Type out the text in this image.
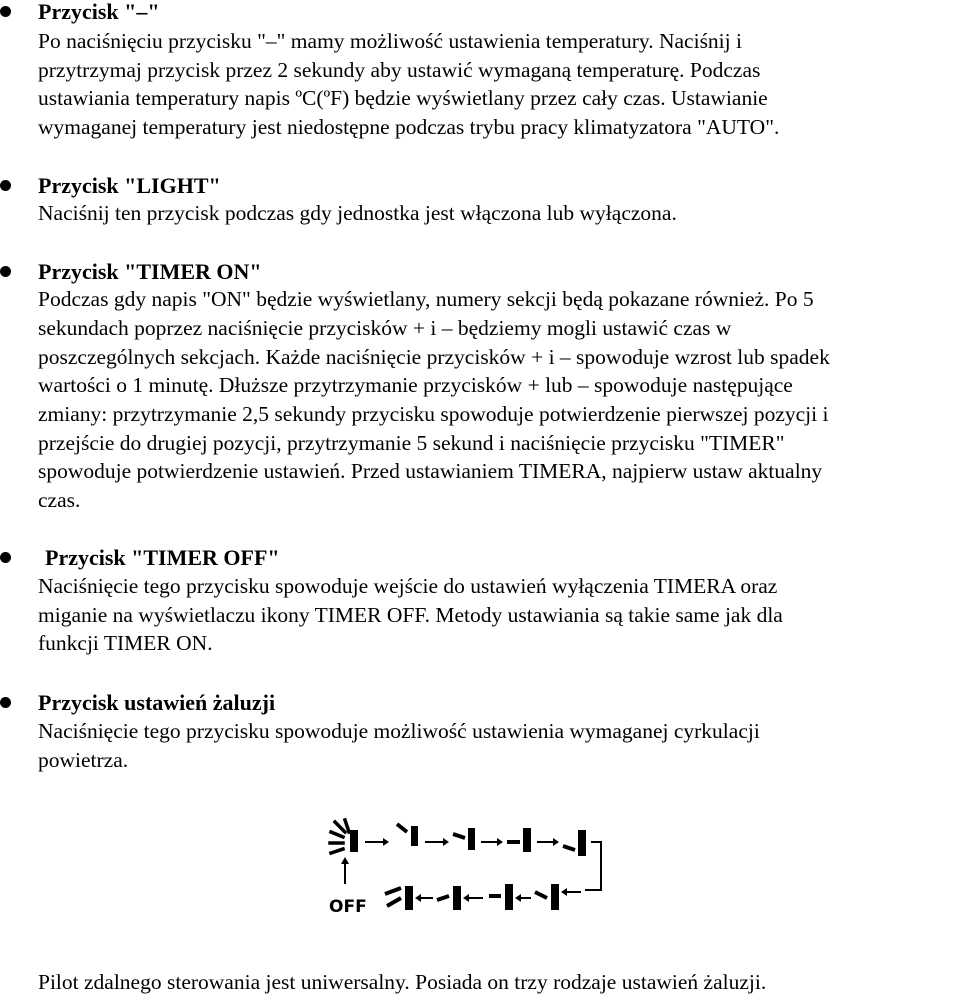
Przycisk "–"
Po naciśnięciu przycisku "–" mamy możliwość ustawienia temperatury. Naciśnij i
przytrzymaj przycisk przez 2 sekundy aby ustawić wymaganą temperaturę. Podczas
ustawiania temperatury napis ºC(ºF) będzie wyświetlany przez cały czas. Ustawianie
wymaganej temperatury jest niedostępne podczas trybu pracy klimatyzatora "AUTO".
Przycisk "LIGHT"
Naciśnij ten przycisk podczas gdy jednostka jest włączona lub wyłączona.
Przycisk "TIMER ON"
Podczas gdy napis "ON" będzie wyświetlany, numery sekcji będą pokazane również. Po 5
sekundach poprzez naciśnięcie przycisków + i – będziemy mogli ustawić czas w
poszczególnych sekcjach. Każde naciśnięcie przycisków + i – spowoduje wzrost lub spadek
wartości o 1 minutę. Dłuższe przytrzymanie przycisków + lub – spowoduje następujące
zmiany: przytrzymanie 2,5 sekundy przycisku spowoduje potwierdzenie pierwszej pozycji i
przejście do drugiej pozycji, przytrzymanie 5 sekund i naciśnięcie przycisku "TIMER"
spowoduje potwierdzenie ustawień. Przed ustawianiem TIMERA, najpierw ustaw aktualny
czas.
Przycisk "TIMER OFF"
Naciśnięcie tego przycisku spowoduje wejście do ustawień wyłączenia TIMERA oraz
miganie na wyświetlaczu ikony TIMER OFF. Metody ustawiania są takie same jak dla
funkcji TIMER ON.
Przycisk ustawień żaluzji
Naciśnięcie tego przycisku spowoduje możliwość ustawienia wymaganej cyrkulacji
powietrza.
OFF
Pilot zdalnego sterowania jest uniwersalny. Posiada on trzy rodzaje ustawień żaluzji.
